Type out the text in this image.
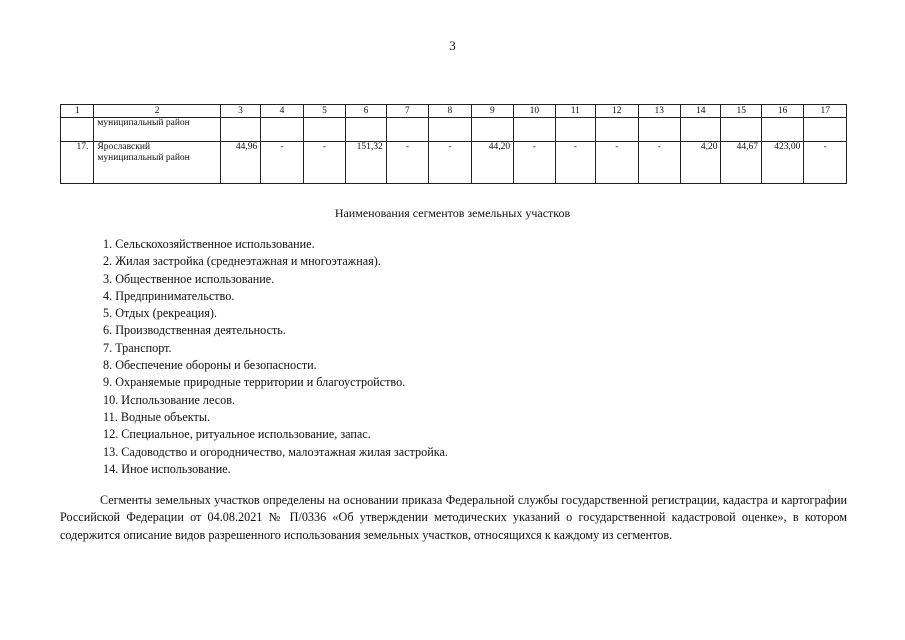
3
1	2	3	4	5	6	7	8	9	10	11	12	13	14	15	16	17
	муниципальный район															
17.	Ярославский муниципальный район	44,96	-	-	151,32	-	-	44,20	-	-	-	-	4,20	44,67	423,00	-
Наименования сегментов земельных участков
1. Сельскохозяйственное использование.
2. Жилая застройка (среднеэтажная и многоэтажная).
3. Общественное использование.
4. Предпринимательство.
5. Отдых (рекреация).
6. Производственная деятельность.
7. Транспорт.
8. Обеспечение обороны и безопасности.
9. Охраняемые природные территории и благоустройство.
10. Использование лесов.
11. Водные объекты.
12. Специальное, ритуальное использование, запас.
13. Садоводство и огородничество, малоэтажная жилая застройка.
14. Иное использование.

Сегменты земельных участков определены на основании приказа Федеральной службы государственной регистрации, кадастра и картографии Российской Федерации от 04.08.2021 № П/0336 «Об утверждении методических указаний о государственной кадастровой оценке», в котором содержится описание видов разрешенного использования земельных участков, относящихся к каждому из сегментов.
